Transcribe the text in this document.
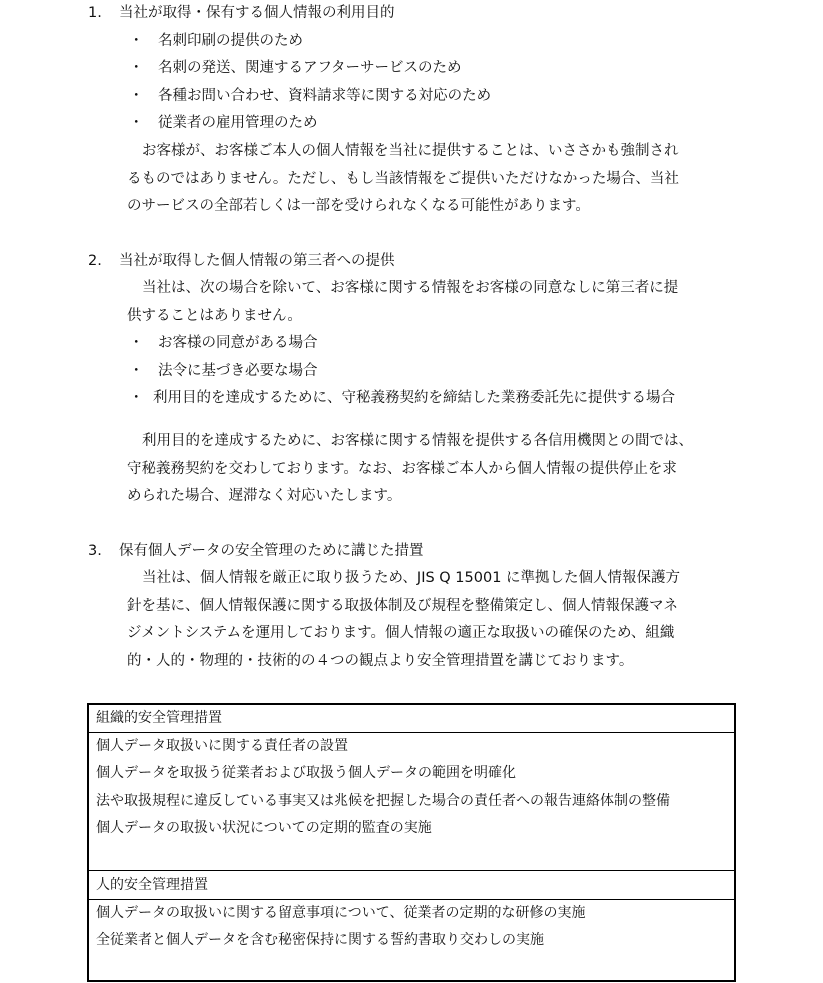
1. 当社が取得・保有する個人情報の利用目的
・ 名刺印刷の提供のため
・ 名刺の発送、関連するアフターサービスのため
・ 各種お問い合わせ、資料請求等に関する対応のため
・ 従業者の雇用管理のため
お客様が、お客様ご本人の個人情報を当社に提供することは、いささかも強制され
るものではありません。ただし、もし当該情報をご提供いただけなかった場合、当社
のサービスの全部若しくは一部を受けられなくなる可能性があります。
2. 当社が取得した個人情報の第三者への提供
当社は、次の場合を除いて、お客様に関する情報をお客様の同意なしに第三者に提
供することはありません。
・ お客様の同意がある場合
・ 法令に基づき必要な場合
・ 利用目的を達成するために、守秘義務契約を締結した業務委託先に提供する場合
利用目的を達成するために、お客様に関する情報を提供する各信用機関との間では、
守秘義務契約を交わしております。なお、お客様ご本人から個人情報の提供停止を求
められた場合、遅滞なく対応いたします。
3. 保有個人データの安全管理のために講じた措置
当社は、個人情報を厳正に取り扱うため、JIS Q 15001 に準拠した個人情報保護方
針を基に、個人情報保護に関する取扱体制及び規程を整備策定し、個人情報保護マネ
ジメントシステムを運用しております。個人情報の適正な取扱いの確保のため、組織
的・人的・物理的・技術的の４つの観点より安全管理措置を講じております。
組織的安全管理措置
個人データ取扱いに関する責任者の設置
個人データを取扱う従業者および取扱う個人データの範囲を明確化
法や取扱規程に違反している事実又は兆候を把握した場合の責任者への報告連絡体制の整備
個人データの取扱い状況についての定期的監査の実施
人的安全管理措置
個人データの取扱いに関する留意事項について、従業者の定期的な研修の実施
全従業者と個人データを含む秘密保持に関する誓約書取り交わしの実施
